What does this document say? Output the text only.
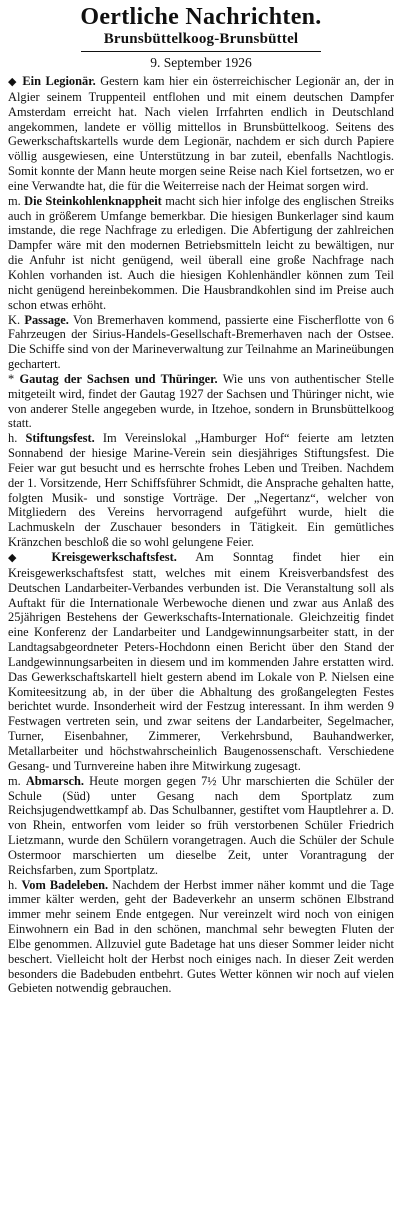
Oertliche Nachrichten.
Brunsbüttelkoog-Brunsbüttel
9. September 1926

◆ Ein Legionär. Gestern kam hier ein österreichischer Legionär an, der in Algier seinem Truppenteil entflohen und mit einem deutschen Dampfer Amsterdam erreicht hat. Nach vielen Irrfahrten endlich in Deutschland angekommen, landete er völlig mittellos in Brunsbüttelkoog. Seitens des Gewerkschaftskartells wurde dem Legionär, nachdem er sich durch Papiere völlig ausgewiesen, eine Unterstützung in bar zuteil, ebenfalls Nachtlogis. Somit konnte der Mann heute morgen seine Reise nach Kiel fortsetzen, wo er eine Verwandte hat, die für die Weiterreise nach der Heimat sorgen wird.

m. Die Steinkohlenknappheit macht sich hier infolge des englischen Streiks auch in größerem Umfange bemerkbar. Die hiesigen Bunkerlager sind kaum imstande, die rege Nachfrage zu erledigen. Die Abfertigung der zahlreichen Dampfer wäre mit den modernen Betriebsmitteln leicht zu bewältigen, nur die Anfuhr ist nicht genügend, weil überall eine große Nachfrage nach Kohlen vorhanden ist. Auch die hiesigen Kohlenhändler können zum Teil nicht genügend hereinbekommen. Die Hausbrandkohlen sind im Preise auch schon etwas erhöht.

K. Passage. Von Bremerhaven kommend, passierte eine Fischerflotte von 6 Fahrzeugen der Sirius-Handels-Gesellschaft-Bremerhaven nach der Ostsee. Die Schiffe sind von der Marineverwaltung zur Teilnahme an Marineübungen gechartert.

* Gautag der Sachsen und Thüringer. Wie uns von authentischer Stelle mitgeteilt wird, findet der Gautag 1927 der Sachsen und Thüringer nicht, wie von anderer Stelle angegeben wurde, in Itzehoe, sondern in Brunsbüttelkoog statt.

h. Stiftungsfest. Im Vereinslokal „Hamburger Hof“ feierte am letzten Sonnabend der hiesige Marine-Verein sein diesjähriges Stiftungsfest. Die Feier war gut besucht und es herrschte frohes Leben und Treiben. Nachdem der 1. Vorsitzende, Herr Schiffsführer Schmidt, die Ansprache gehalten hatte, folgten Musik- und sonstige Vorträge. Der „Negertanz“, welcher von Mitgliedern des Vereins hervorragend aufgeführt wurde, hielt die Lachmuskeln der Zuschauer besonders in Tätigkeit. Ein gemütliches Kränzchen beschloß die so wohl gelungene Feier.

◆ Kreisgewerkschaftsfest. Am Sonntag findet hier ein Kreisgewerkschaftsfest statt, welches mit einem Kreisverbandsfest des Deutschen Landarbeiter-Verbandes verbunden ist. Die Veranstaltung soll als Auftakt für die Internationale Werbewoche dienen und zwar aus Anlaß des 25jährigen Bestehens der Gewerkschafts-Internationale. Gleichzeitig findet eine Konferenz der Landarbeiter und Landgewinnungsarbeiter statt, in der Landtagsabgeordneter Peters-Hochdonn einen Bericht über den Stand der Landgewinnungsarbeiten in diesem und im kommenden Jahre erstatten wird. Das Gewerkschaftskartell hielt gestern abend im Lokale von P. Nielsen eine Komiteesitzung ab, in der über die Abhaltung des großangelegten Festes berichtet wurde. Insonderheit wird der Festzug interessant. In ihm werden 9 Festwagen vertreten sein, und zwar seitens der Landarbeiter, Segelmacher, Turner, Eisenbahner, Zimmerer, Verkehrsbund, Bauhandwerker, Metallarbeiter und höchstwahrscheinlich Baugenossenschaft. Verschiedene Gesang- und Turnvereine haben ihre Mitwirkung zugesagt.

m. Abmarsch. Heute morgen gegen 7½ Uhr marschierten die Schüler der Schule (Süd) unter Gesang nach dem Sportplatz zum Reichsjugendwettkampf ab. Das Schulbanner, gestiftet vom Hauptlehrer a. D. von Rhein, entworfen vom leider so früh verstorbenen Schüler Friedrich Lietzmann, wurde den Schülern vorangetragen. Auch die Schüler der Schule Ostermoor marschierten um dieselbe Zeit, unter Vorantragung der Reichsfarben, zum Sportplatz.

h. Vom Badeleben. Nachdem der Herbst immer näher kommt und die Tage immer kälter werden, geht der Badeverkehr an unserm schönen Elbstrand immer mehr seinem Ende entgegen. Nur vereinzelt wird noch von einigen Einwohnern ein Bad in den schönen, manchmal sehr bewegten Fluten der Elbe genommen. Allzuviel gute Badetage hat uns dieser Sommer leider nicht beschert. Vielleicht holt der Herbst noch einiges nach. In dieser Zeit werden besonders die Badebuden entbehrt. Gutes Wetter können wir noch auf vielen Gebieten notwendig gebrauchen.
